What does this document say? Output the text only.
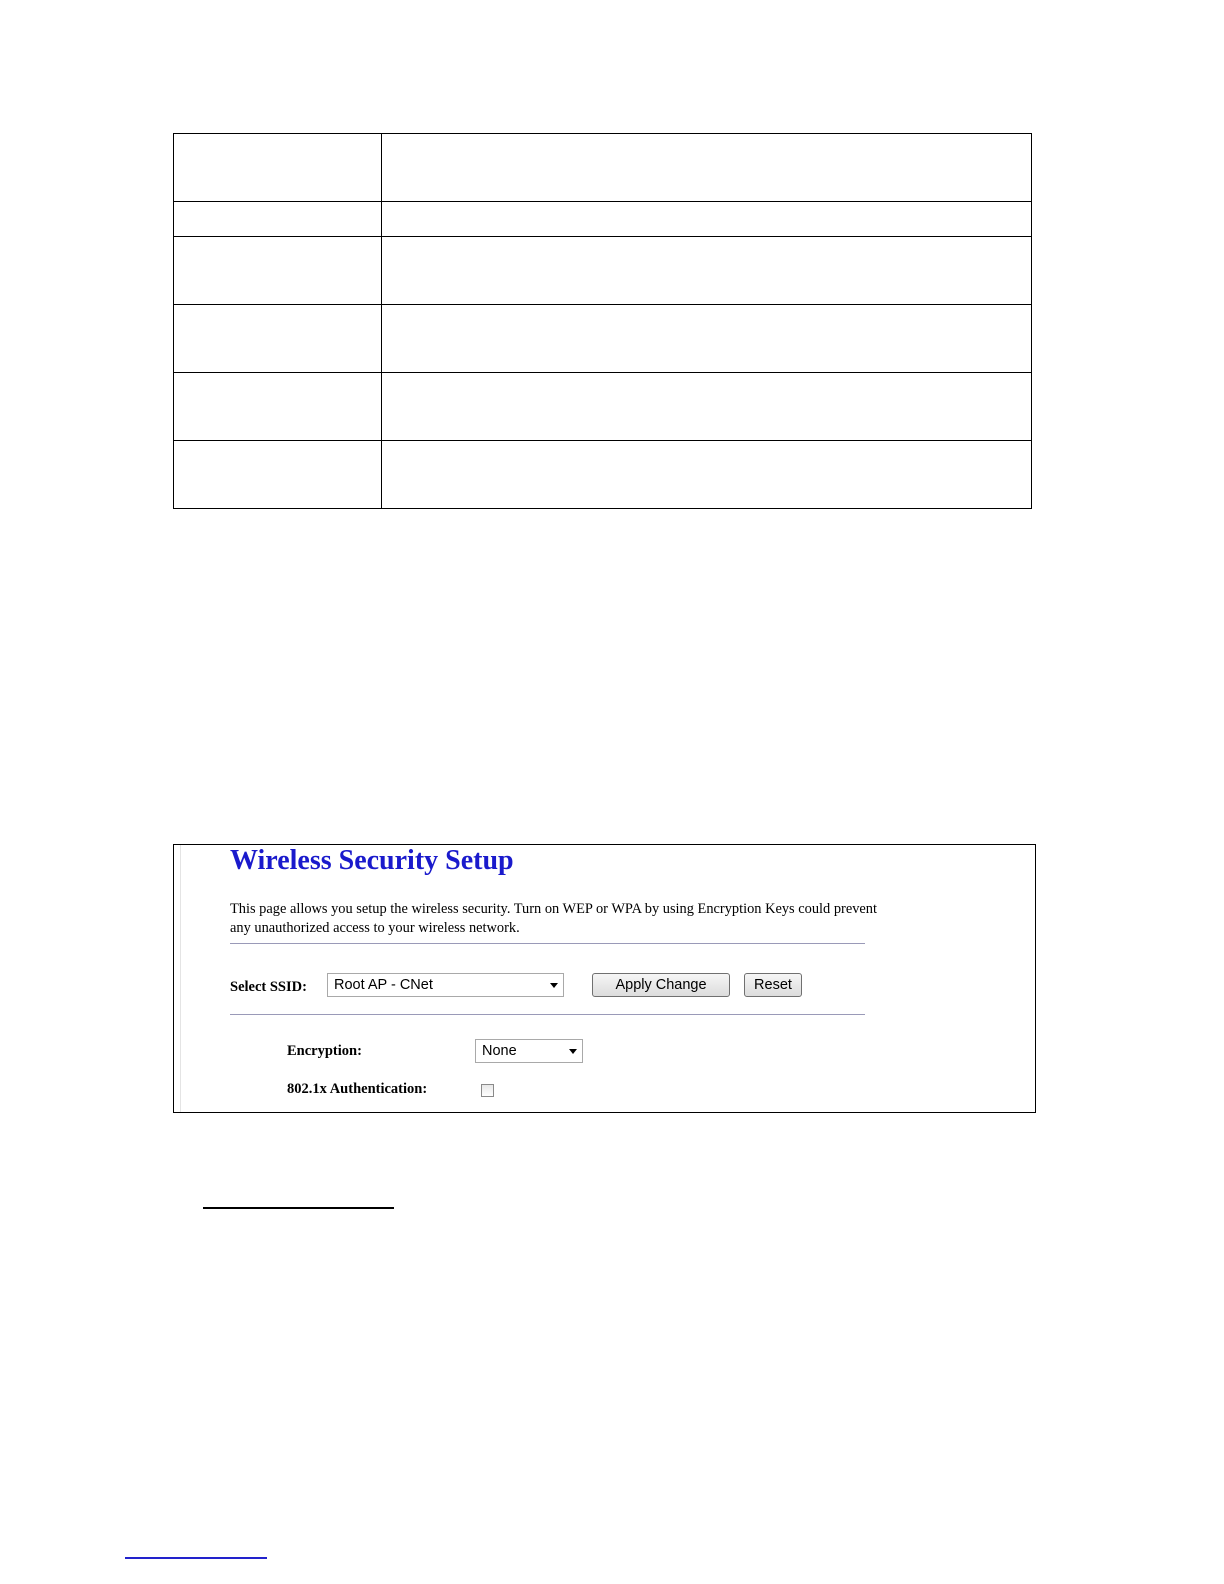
Wireless Security Setup
This page allows you setup the wireless security. Turn on WEP or WPA by using Encryption Keys could prevent any unauthorized access to your wireless network.
Select SSID:	Root AP - CNet	Apply Change	Reset
Encryption:	None
802.1x Authentication:
